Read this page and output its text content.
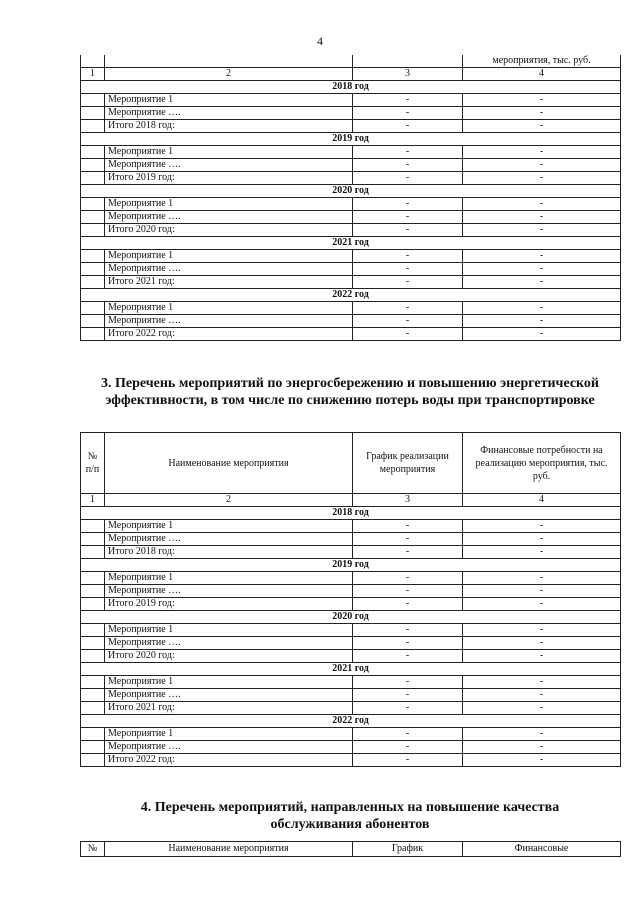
4
			мероприятия, тыс. руб.
1	2	3	4
2018 год			
	Мероприятие 1	-	-
	Мероприятие ….	-	-
	Итого 2018 год:	-	-
2019 год			
	Мероприятие 1	-	-
	Мероприятие ….	-	-
	Итого 2019 год:	-	-
2020 год			
	Мероприятие 1	-	-
	Мероприятие ….	-	-
	Итого 2020 год:	-	-
2021 год			
	Мероприятие 1	-	-
	Мероприятие ….	-	-
	Итого 2021 год:	-	-
2022 год			
	Мероприятие 1	-	-
	Мероприятие ….	-	-
	Итого 2022 год:	-	-
3. Перечень мероприятий по энергосбережению и повышению энергетической эффективности, в том числе по снижению потерь воды при транспортировке
№ п/п	Наименование мероприятия	График реализации мероприятия	Финансовые потребности на реализацию мероприятия, тыс. руб.
1	2	3	4
2018 год			
	Мероприятие 1	-	-
	Мероприятие ….	-	-
	Итого 2018 год:	-	-
2019 год			
	Мероприятие 1	-	-
	Мероприятие ….	-	-
	Итого 2019 год:	-	-
2020 год			
	Мероприятие 1	-	-
	Мероприятие ….	-	-
	Итого 2020 год:	-	-
2021 год			
	Мероприятие 1	-	-
	Мероприятие ….	-	-
	Итого 2021 год:	-	-
2022 год			
	Мероприятие 1	-	-
	Мероприятие ….	-	-
	Итого 2022 год:	-	-
4. Перечень мероприятий, направленных на повышение качества обслуживания абонентов
№	Наименование мероприятия	График	Финансовые
